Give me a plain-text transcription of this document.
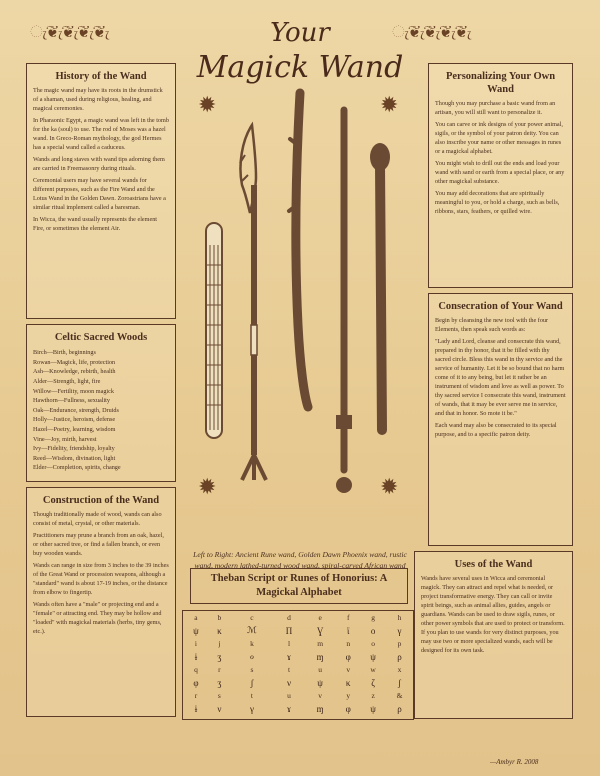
ැ❦ැ❦ැ❦ැ❦ැ	ැ❦ැ❦ැ❦ැ❦ැ
Your
Magick Wand
History of the Wand

The magic wand may have its roots in the drumstick of a shaman, used during religious, healing, and magical ceremonies.

In Pharaonic Egypt, a magic wand was left in the tomb for the ka (soul) to use. The rod of Moses was a hazel wand. In Greco-Roman mythology, the god Hermes has a special wand called a caduceus.

Wands and long staves with wand tips adorning them are carried in Freemasonry during rituals.

Ceremonial users may have several wands for different purposes, such as the Fire Wand and the Lotus Wand in the Golden Dawn. Zoroastrians have a similar ritual implement called a baresman.

In Wicca, the wand usually represents the element Fire, or sometimes the element Air.

Celtic Sacred Woods
Birch—Birth, beginnings
Rowan—Magick, life, protection
Ash—Knowledge, rebirth, health
Alder—Strength, light, fire
Willow—Fertility, moon magick
Hawthorn—Fullness, sexuality
Oak—Endurance, strength, Druids
Holly—Justice, heroism, defense
Hazel—Poetry, learning, wisdom
Vine—Joy, mirth, harvest
Ivy—Fidelity, friendship, loyalty
Reed—Wisdom, divination, light
Elder—Completion, spirits, change
Construction of the Wand

Though traditionally made of wood, wands can also consist of metal, crystal, or other materials.

Practitioners may prune a branch from an oak, hazel, or other sacred tree, or find a fallen branch, or even buy wooden wands.

Wands can range in size from 3 inches to the 39 inches of the Great Wand or procession weapons, although a "standard" wand is about 17-19 inches, or the distance from elbow to fingertip.

Wands often have a "male" or projecting end and a "female" or attracting end. They may be hollow and "loaded" with magickal materials (herbs, tiny gems, etc.).

Personalizing Your Own Wand

Though you may purchase a basic wand from an artisan, you will still want to personalize it.

You can carve or ink designs of your power animal, sigils, or the symbol of your patron deity. You can also inscribe your name or other messages in runes or a magickal alphabet.

You might wish to drill out the ends and load your wand with sand or earth from a special place, or any other magickal substance.

You may add decorations that are spiritually meaningful to you, or hold a charge, such as bells, ribbons, stars, feathers, or quilled wire.

Consecration of Your Wand

Begin by cleansing the new tool with the four Elements, then speak such words as:

"Lady and Lord, cleanse and consecrate this wand, prepared in thy honor, that it be filled with thy sacred circle. Bless this wand in thy service and the service of humanity. Let it be so bound that no harm come of it to any being, but let it rather be an instrument of wisdom and love as well as power. To thy sacred service I consecrate this wand, instrument of wands, that it may be ever serve me in service, and that in honor. So mote it be."

Each wand may also be consecrated to its special purpose, and to a specific patron deity.

Uses of the Wand

Wands have several uses in Wicca and ceremonial magick. They can attract and repel what is needed, or project transformative energy. They can call or invite spirit beings, such as animal allies, guides, angels or guardians. Wands can be used to draw sigils, runes, or other power symbols that are used to protect or transform. If you plan to use wands for very distinct purposes, you may use two or more specialized wands, each will be designed for its own task.

✹	✹
✹	✹
Left to Right: Ancient Rune wand, Golden Dawn Phoenix wand, rustic wand, modern lathed-turned wood wand, spiral-carved African wand
Theban Script or Runes of Honorius: A Magickal Alphabet
a	b	c	d	e	f	g	h
ψ	κ	ℳ	Π	Ɣ	ϊ	ο	γ
i	j	k	l	m	n	o	p
ɨ	ʒ	ℴ	ɤ	ɱ	φ	ψ	ρ
q	r	s	t	u	v	w	x
φ	ʒ	ʃ	ν	ψ	κ	ζ	ʃ
r	s	t	u	v	y	z	&
ɨ	ν	γ	ɤ	ɱ	φ	ψ	ρ
—Ambyr R. 2008
